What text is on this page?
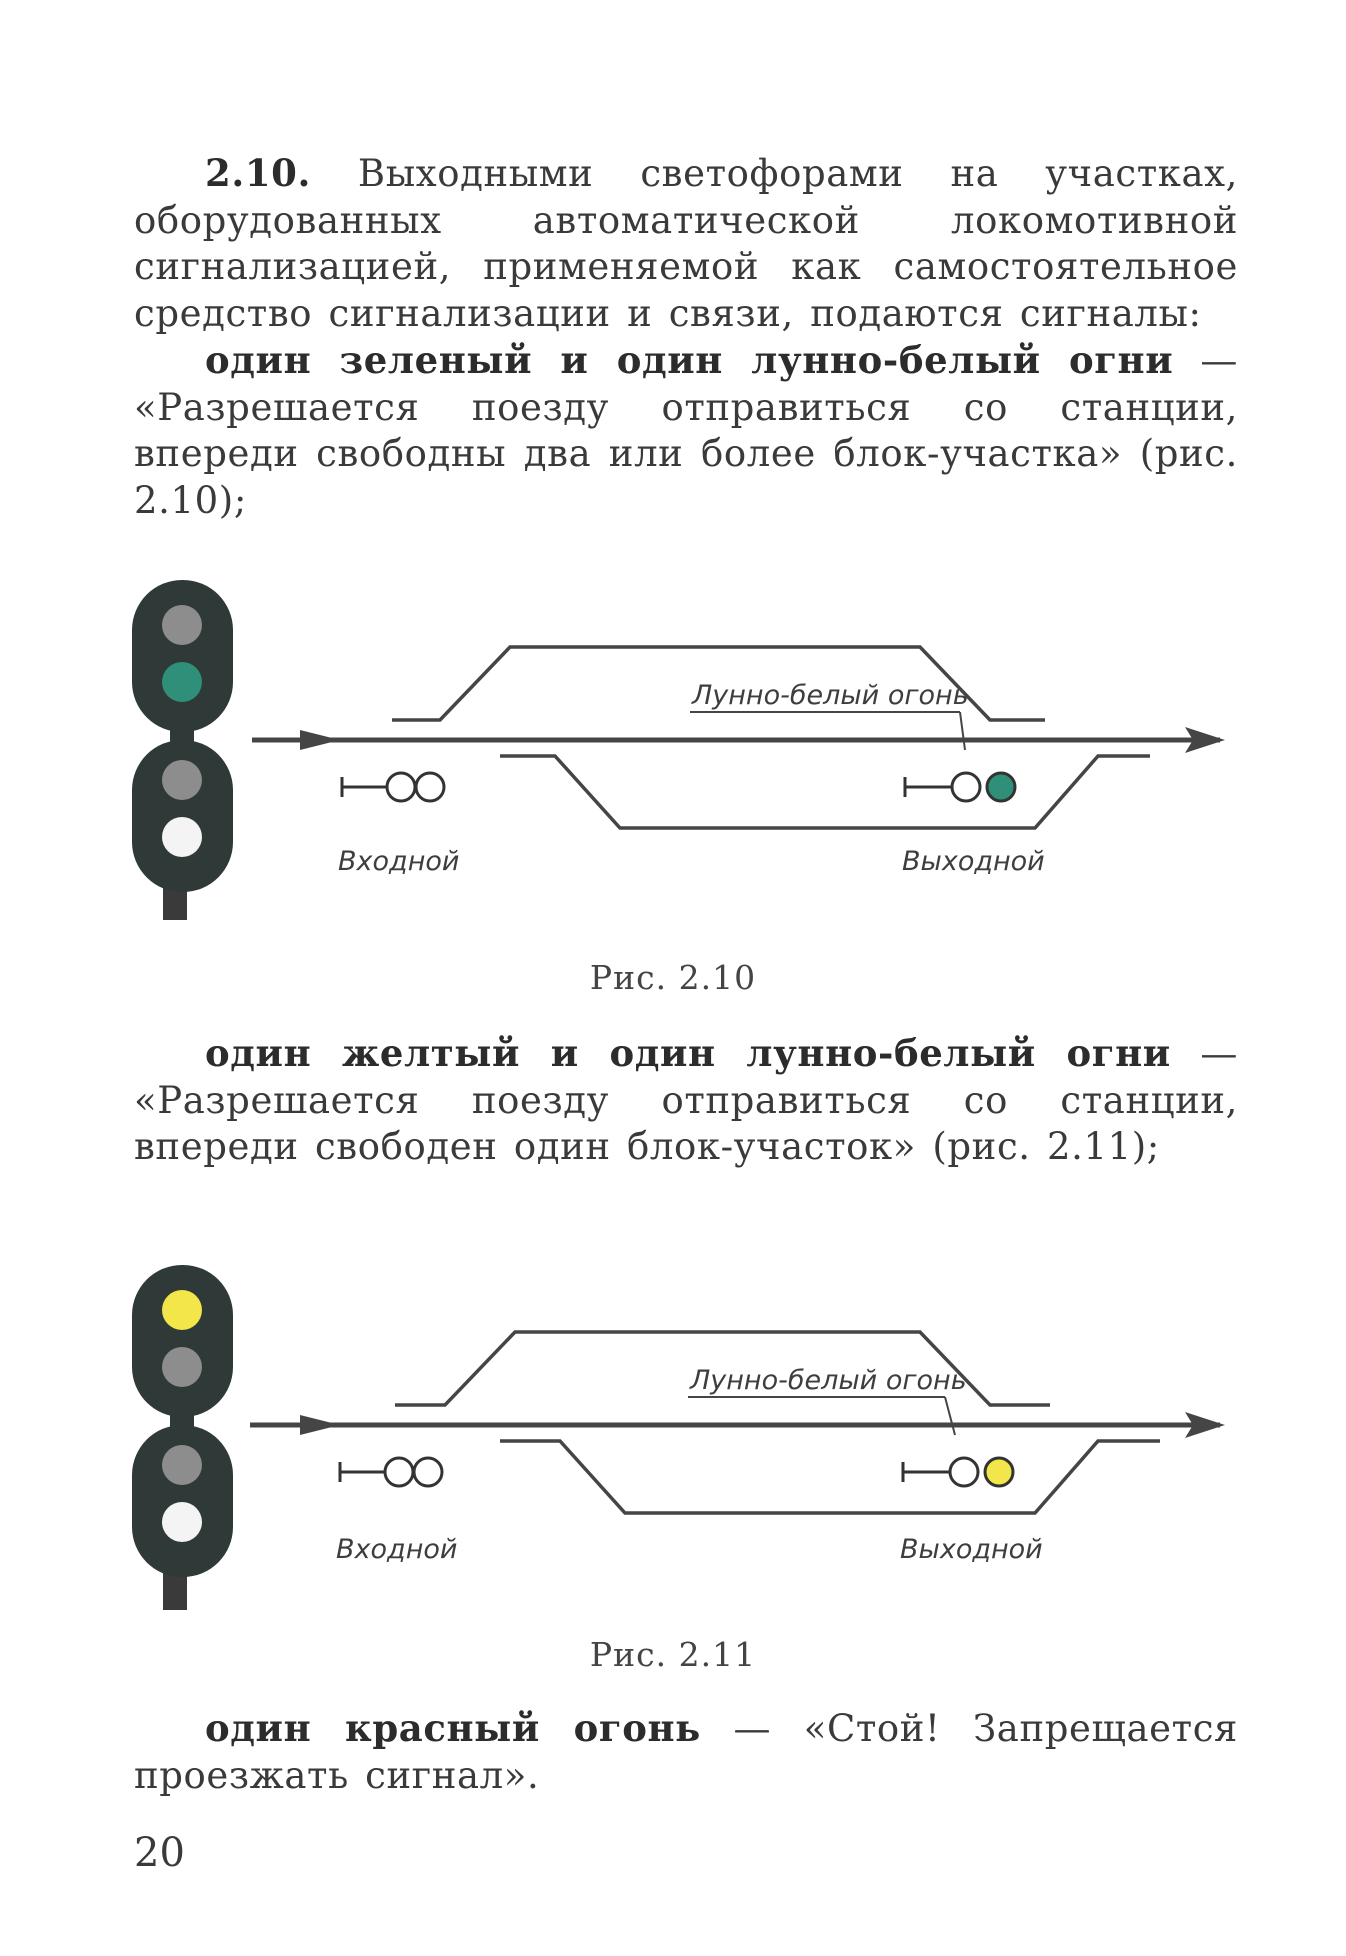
2.10. Выходными светофорами на участках, оборудованных автоматической локомотивной сигнализацией, применяемой как самостоятельное средство сигнализации и связи, подаются сигналы:
один зеленый и один лунно-белый огни — «Разрешается поезду отправиться со станции, впереди свободны два или более блок-участка» (рис. 2.10);
Лунно-белый огонь
Входной	Выходной
Рис. 2.10
один желтый и один лунно-белый огни — «Разрешается поезду отправиться со станции, впереди свободен один блок-участок» (рис. 2.11);
Лунно-белый огонь
Входной	Выходной
Рис. 2.11
один красный огонь — «Стой! Запрещается проезжать сигнал».
20
